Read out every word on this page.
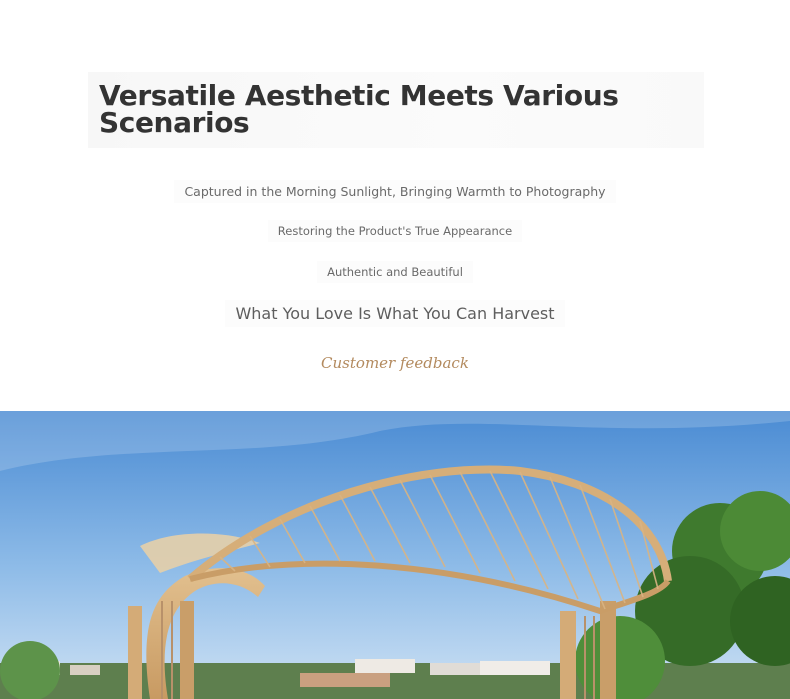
Versatile Aesthetic Meets Various Scenarios

Captured in the Morning Sunlight, Bringing Warmth to Photography

Restoring the Product's True Appearance

Authentic and Beautiful

What You Love Is What You Can Harvest

Customer feedback
